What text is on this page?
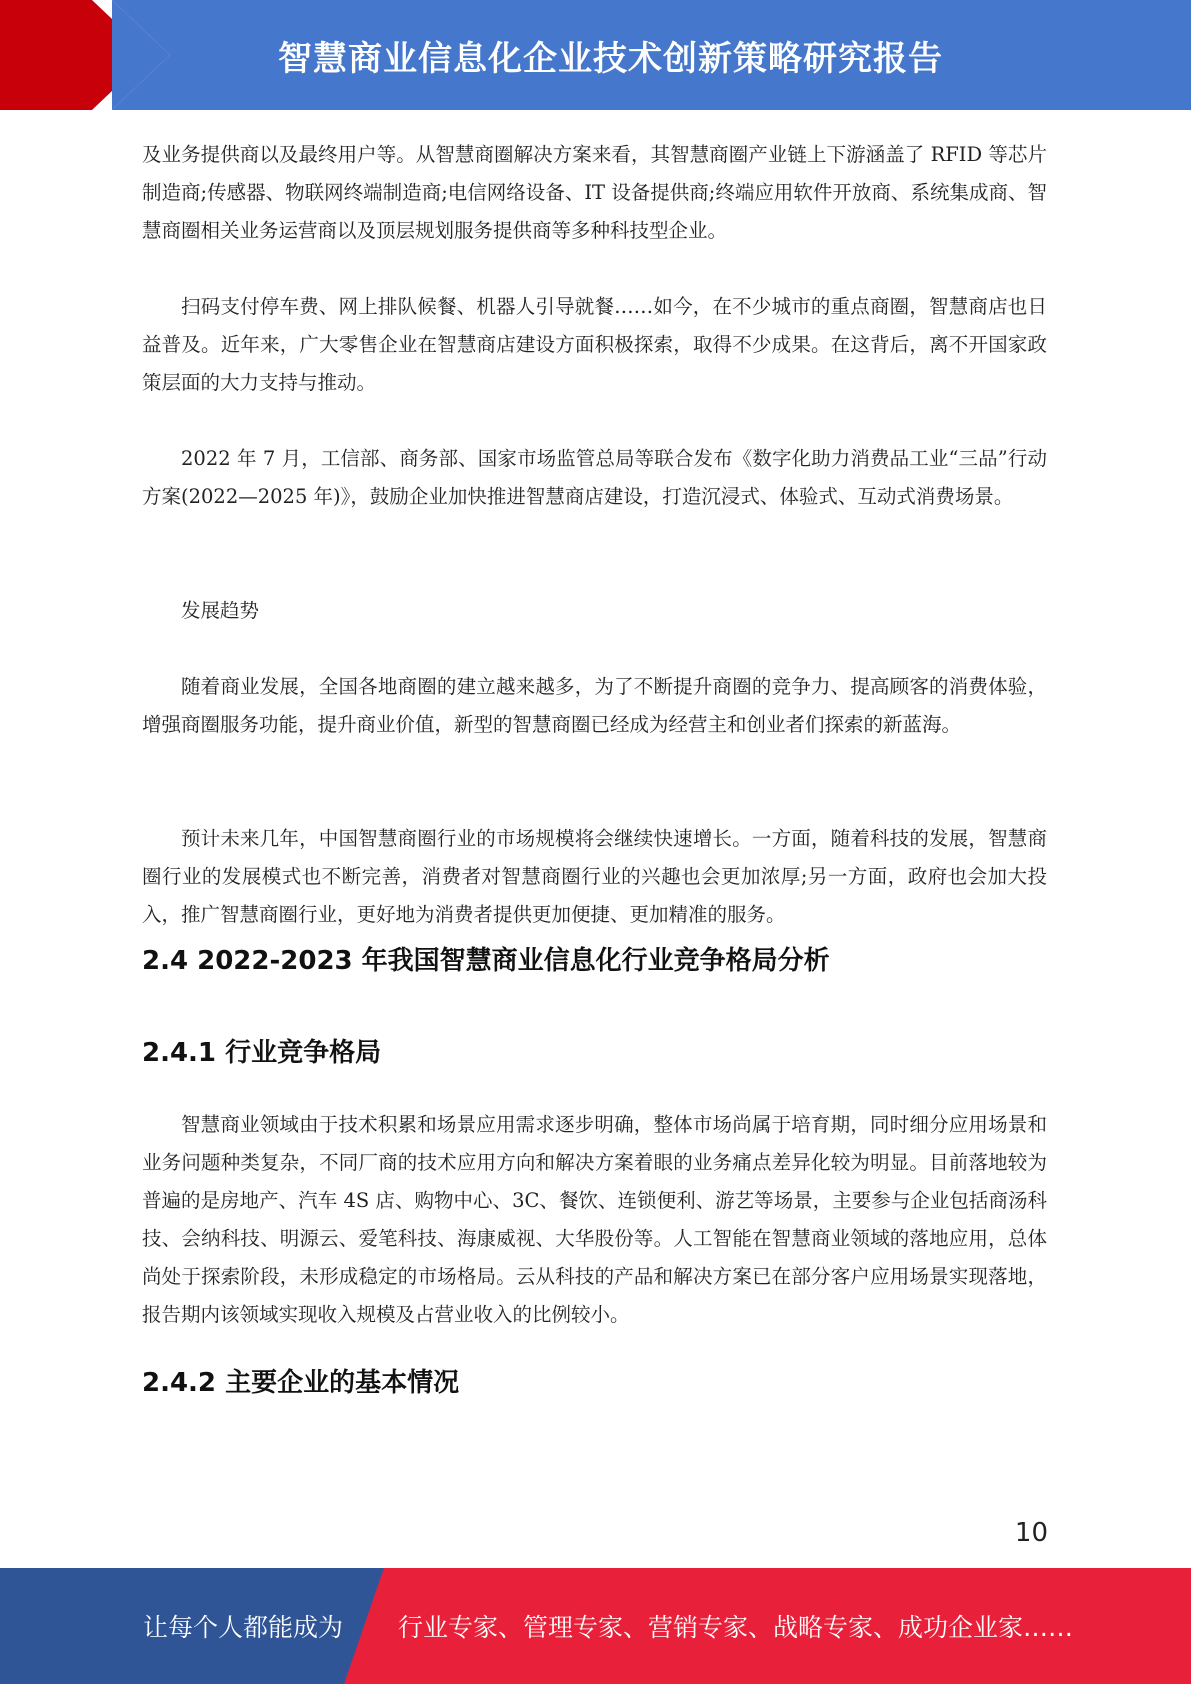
智慧商业信息化企业技术创新策略研究报告

及业务提供商以及最终用户等。从智慧商圈解决方案来看，其智慧商圈产业链上下游涵盖了 RFID 等芯片制造商;传感器、物联网终端制造商;电信网络设备、IT 设备提供商;终端应用软件开放商、系统集成商、智慧商圈相关业务运营商以及顶层规划服务提供商等多种科技型企业。

扫码支付停车费、网上排队候餐、机器人引导就餐……如今，在不少城市的重点商圈，智慧商店也日益普及。近年来，广大零售企业在智慧商店建设方面积极探索，取得不少成果。在这背后，离不开国家政策层面的大力支持与推动。

2022 年 7 月，工信部、商务部、国家市场监管总局等联合发布《数字化助力消费品工业“三品”行动方案(2022—2025 年)》，鼓励企业加快推进智慧商店建设，打造沉浸式、体验式、互动式消费场景。

发展趋势

随着商业发展，全国各地商圈的建立越来越多，为了不断提升商圈的竞争力、提高顾客的消费体验，增强商圈服务功能，提升商业价值，新型的智慧商圈已经成为经营主和创业者们探索的新蓝海。

预计未来几年，中国智慧商圈行业的市场规模将会继续快速增长。一方面，随着科技的发展，智慧商圈行业的发展模式也不断完善，消费者对智慧商圈行业的兴趣也会更加浓厚;另一方面，政府也会加大投入，推广智慧商圈行业，更好地为消费者提供更加便捷、更加精准的服务。

2.4 2022-2023 年我国智慧商业信息化行业竞争格局分析
2.4.1 行业竞争格局

智慧商业领域由于技术积累和场景应用需求逐步明确，整体市场尚属于培育期，同时细分应用场景和业务问题种类复杂，不同厂商的技术应用方向和解决方案着眼的业务痛点差异化较为明显。目前落地较为普遍的是房地产、汽车 4S 店、购物中心、3C、餐饮、连锁便利、游艺等场景，主要参与企业包括商汤科技、会纳科技、明源云、爱笔科技、海康威视、大华股份等。人工智能在智慧商业领域的落地应用，总体尚处于探索阶段，未形成稳定的市场格局。云从科技的产品和解决方案已在部分客户应用场景实现落地，报告期内该领域实现收入规模及占营业收入的比例较小。

2.4.2 主要企业的基本情况
10
让每个人都能成为 行业专家、管理专家、营销专家、战略专家、成功企业家……
